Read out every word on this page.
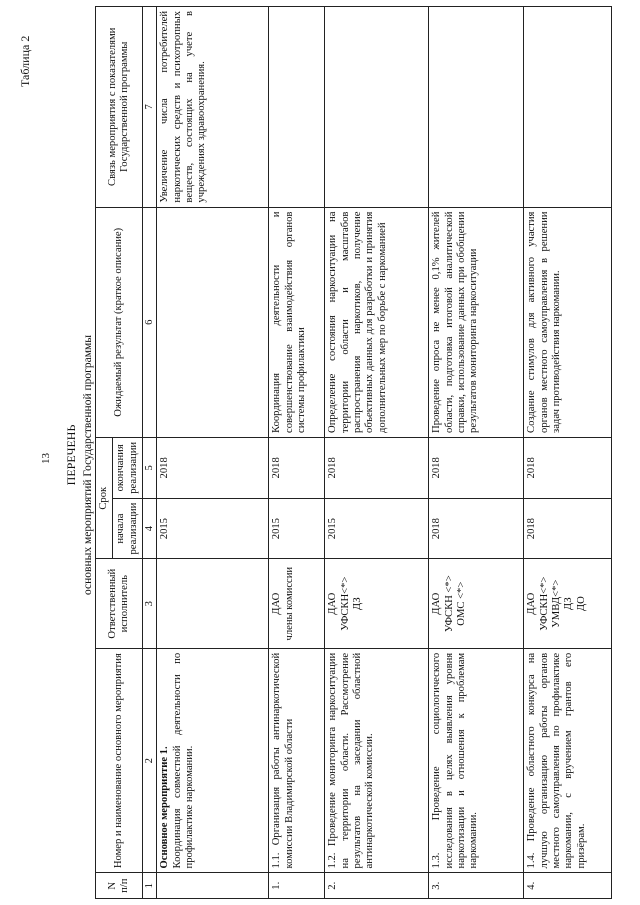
13
Таблица 2
ПЕРЕЧЕНЬ основных мероприятий Государственной программы
N п/п	Номер и наименование основного мероприятия	Ответственный исполнитель	Срок		Ожидаемый результат (краткое описание)	Связь мероприятия с показателями Государственной программы
			начала реализации	окончания реализации		
1	2	3	4	5	6	7

	Основное мероприятие 1. Координация совместной деятельности по профилактике наркомании.		2015	2018		Увеличение числа потребителей наркотических средств и психотропных веществ, состоящих на учете в учреждениях здравоохранения.
1.	1.1. Организация работы антинаркотической комиссии Владимирской области	ДАО члены комиссии	2015	2018	Координация деятельности и совершенствование взаимодействия органов системы профилактики	
2.	1.2. Проведение мониторинга наркоситуации на территории области. Рассмотрение результатов на заседании областной антинаркотической комиссии.	ДАО УФСКН<*> ДЗ	2015	2018	Определение состояния наркоситуации на территории области и масштабов распространения наркотиков, получение объективных данных для разработки и принятия дополнительных мер по борьбе с наркоманией	
3.	1.3. Проведение социологического исследования в целях выявления уровня наркотизации и отношения к проблемам наркомании.	ДАО УФСКН <*> ОМС <*>	2018	2018	Проведение опроса не менее 0,1% жителей области, подготовка итоговой аналитической справки, использование данных при обобщении результатов мониторинга наркоситуации	
4.	1.4. Проведение областного конкурса на лучшую организацию работы органов местного самоуправления по профилактике наркомании, с вручением грантов его призёрам.	ДАО УФСКН<*> УМВД<*> ДЗ ДО	2018	2018	Создание стимулов для активного участия органов местного самоуправления в решении задач противодействия наркомании.	
